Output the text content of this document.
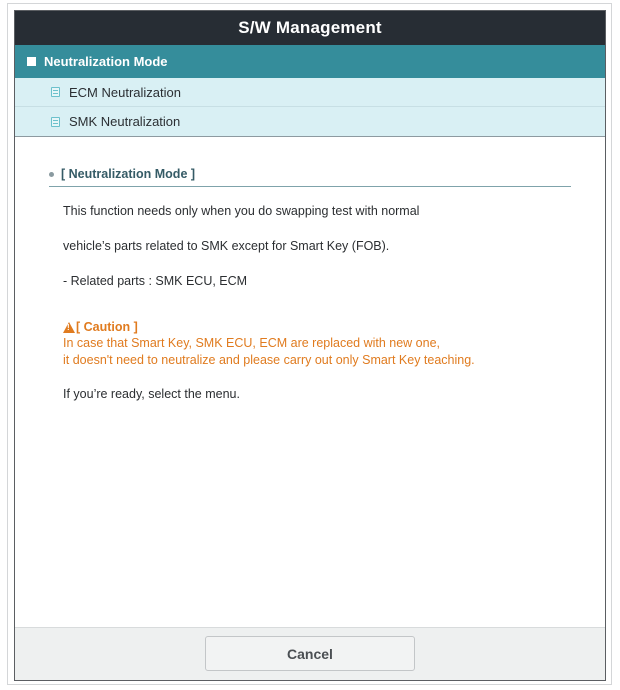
S/W Management
Neutralization Mode
ECM Neutralization
SMK Neutralization
[ Neutralization Mode ]
This function needs only when you do swapping test with normal
vehicle’s parts related to SMK except for Smart Key (FOB).
- Related parts : SMK ECU, ECM
!
[ Caution ]
In case that Smart Key, SMK ECU, ECM are replaced with new one,
it doesn't need to neutralize and please carry out only Smart Key teaching.
If you’re ready, select the menu.
Cancel
